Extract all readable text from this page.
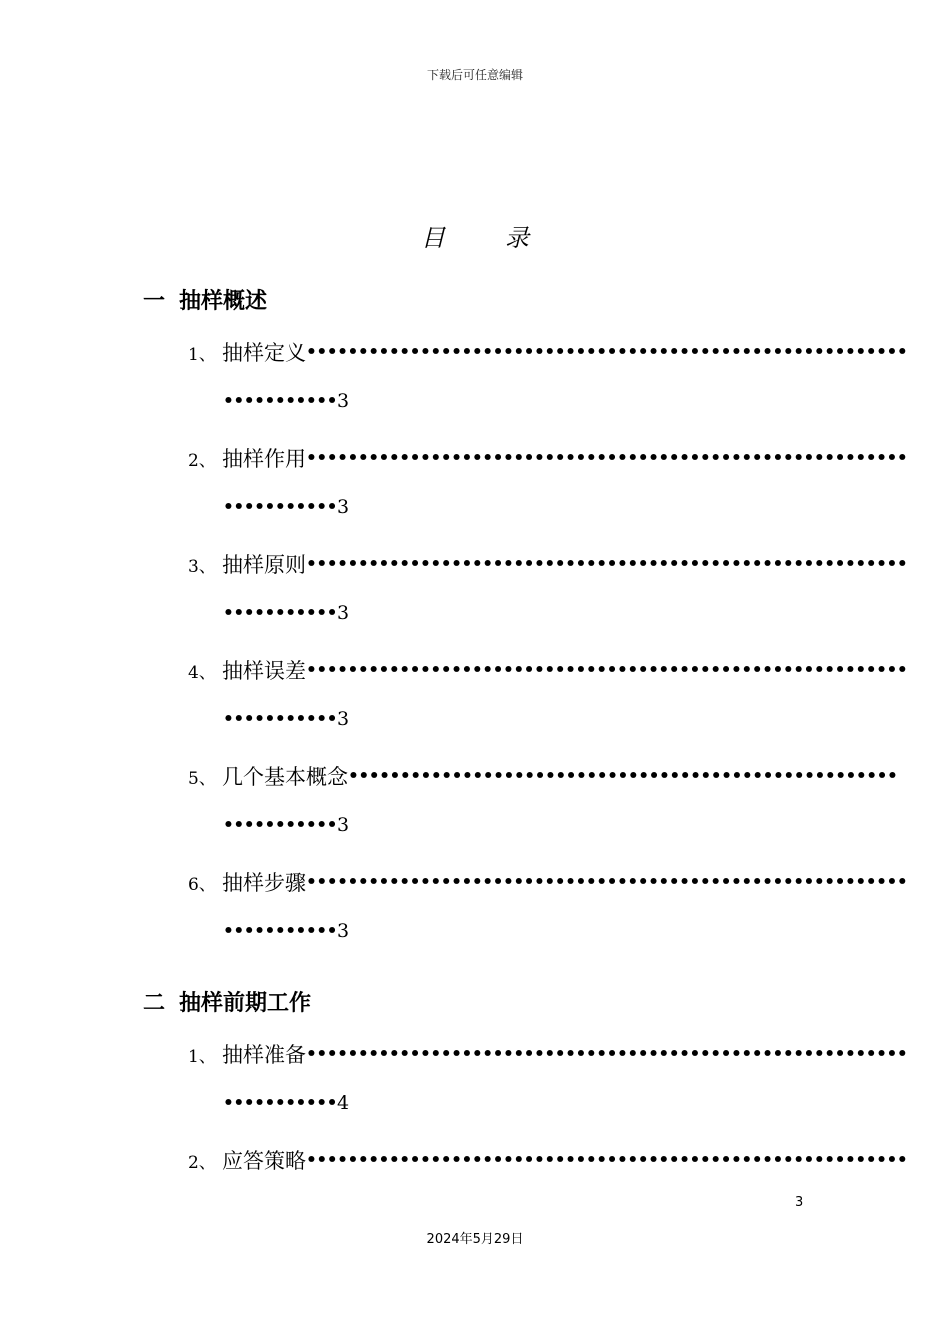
下载后可任意编辑
目	录
一 抽样概述
1、 抽样定义••••••••••••••••••••••••••••••••••••••••••••••••••••••••••
•••••••••••3
2、 抽样作用••••••••••••••••••••••••••••••••••••••••••••••••••••••••••
•••••••••••3
3、 抽样原则••••••••••••••••••••••••••••••••••••••••••••••••••••••••••
•••••••••••3
4、 抽样误差••••••••••••••••••••••••••••••••••••••••••••••••••••••••••
•••••••••••3
5、 几个基本概念•••••••••••••••••••••••••••••••••••••••••••••••••••••
•••••••••••3
6、 抽样步骤••••••••••••••••••••••••••••••••••••••••••••••••••••••••••
•••••••••••3
二 抽样前期工作
1、 抽样准备••••••••••••••••••••••••••••••••••••••••••••••••••••••••••
•••••••••••4
2、 应答策略••••••••••••••••••••••••••••••••••••••••••••••••••••••••••
3
2024年5月29日
